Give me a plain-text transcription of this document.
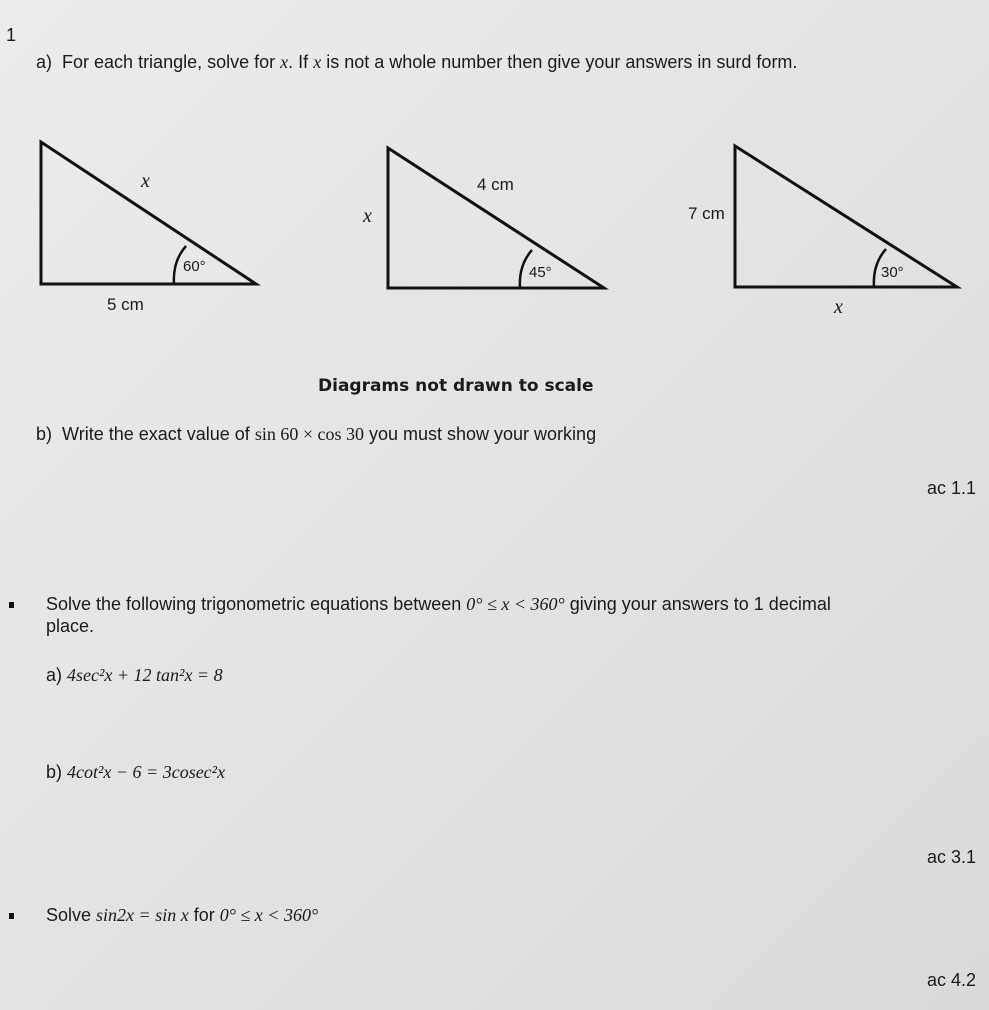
1
a) For each triangle, solve for x. If x is not a whole number then give your answers in surd form.
x
5 cm
60°
4 cm
x
45°
7 cm
x
30°
Diagrams not drawn to scale
b) Write the exact value of sin 60 × cos 30 you must show your working
ac 1.1
Solve the following trigonometric equations between 0° ≤ x < 360° giving your answers to 1 decimal
place.
a) 4sec²x + 12 tan²x = 8
b) 4cot²x − 6 = 3cosec²x
ac 3.1
Solve sin2x = sin x for 0° ≤ x < 360°
ac 4.2
